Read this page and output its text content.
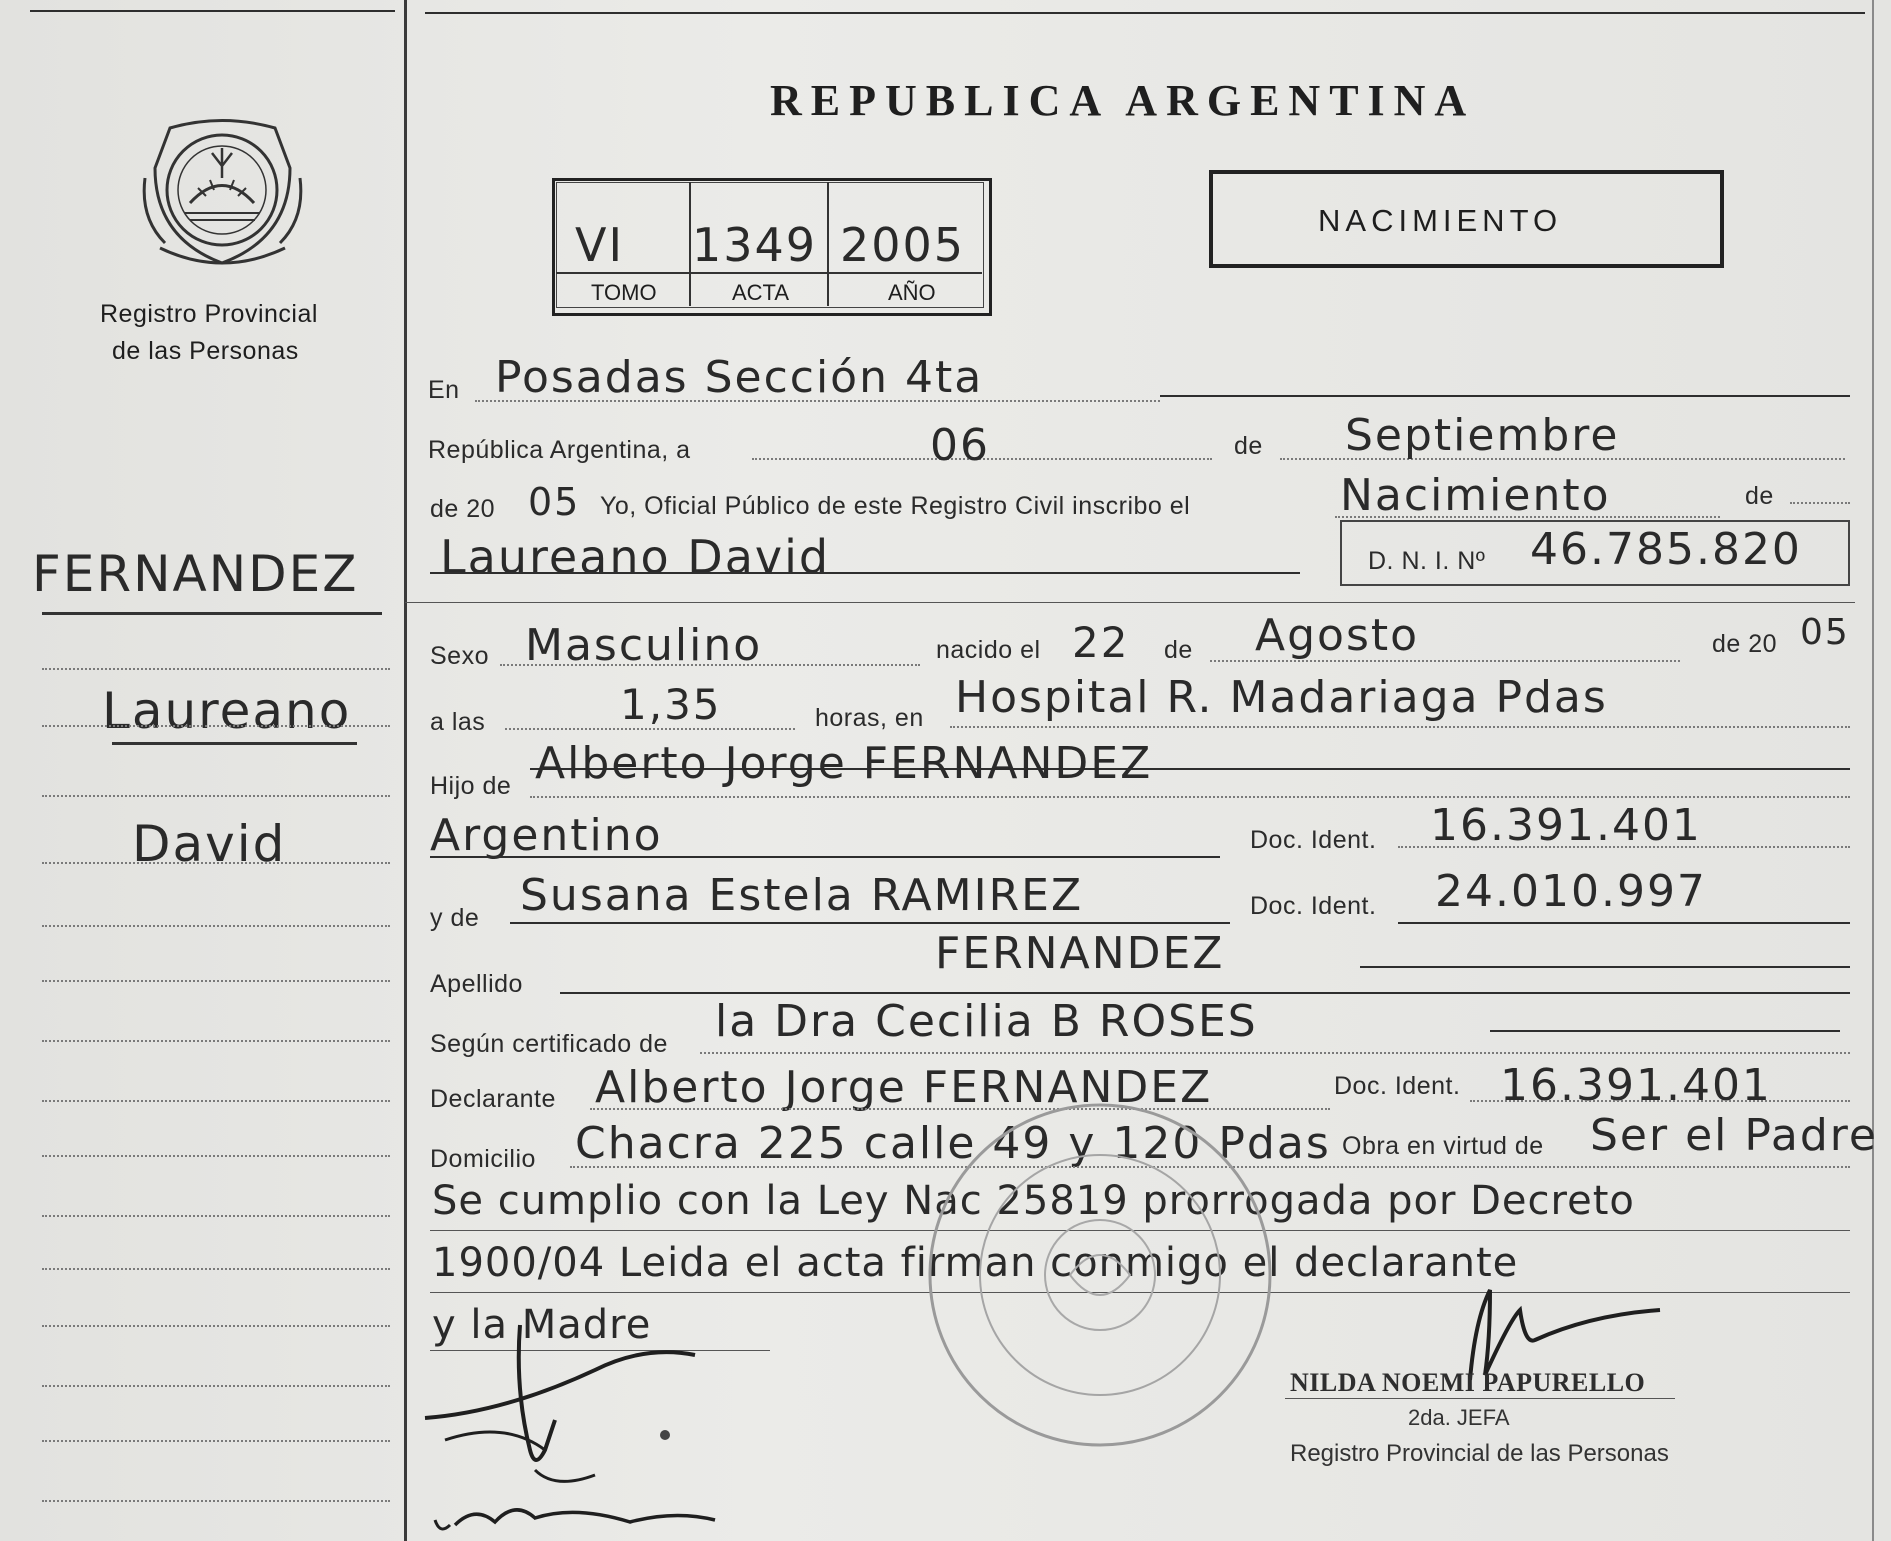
Registro Provincial
de las Personas
REPUBLICA ARGENTINA
VI 1349 2005
TOMO	ACTA	AÑO
NACIMIENTO
FERNANDEZ
Laureano
David
En Posadas Sección 4ta
República Argentina, a	06	de Septiembre
de 20 05 Yo, Oficial Público de este Registro Civil inscribo el	Nacimiento	de
Laureano David	D. N. I. Nº 46.785.820
Sexo Masculino	nacido el 22 de Agosto	de 20 05
a las	1,35	horas, en Hospital R. Madariaga Pdas
Hijo de Alberto Jorge FERNANDEZ
Argentino	Doc. Ident. 16.391.401
y de Susana Estela RAMIREZ	Doc. Ident. 24.010.997
Apellido
FERNANDEZ
Según certificado de la Dra Cecilia B ROSES
Declarante Alberto Jorge FERNANDEZ	Doc. Ident. 16.391.401
Domicilio Chacra 225 calle 49 y 120 Pdas Obra en virtud de Ser el Padre
Se cumplio con la Ley Nac 25819 prorrogada por Decreto
1900/04 Leida el acta firman conmigo el declarante
y la Madre
NILDA NOEMI PAPURELLO
2da. JEFA
Registro Provincial de las Personas
